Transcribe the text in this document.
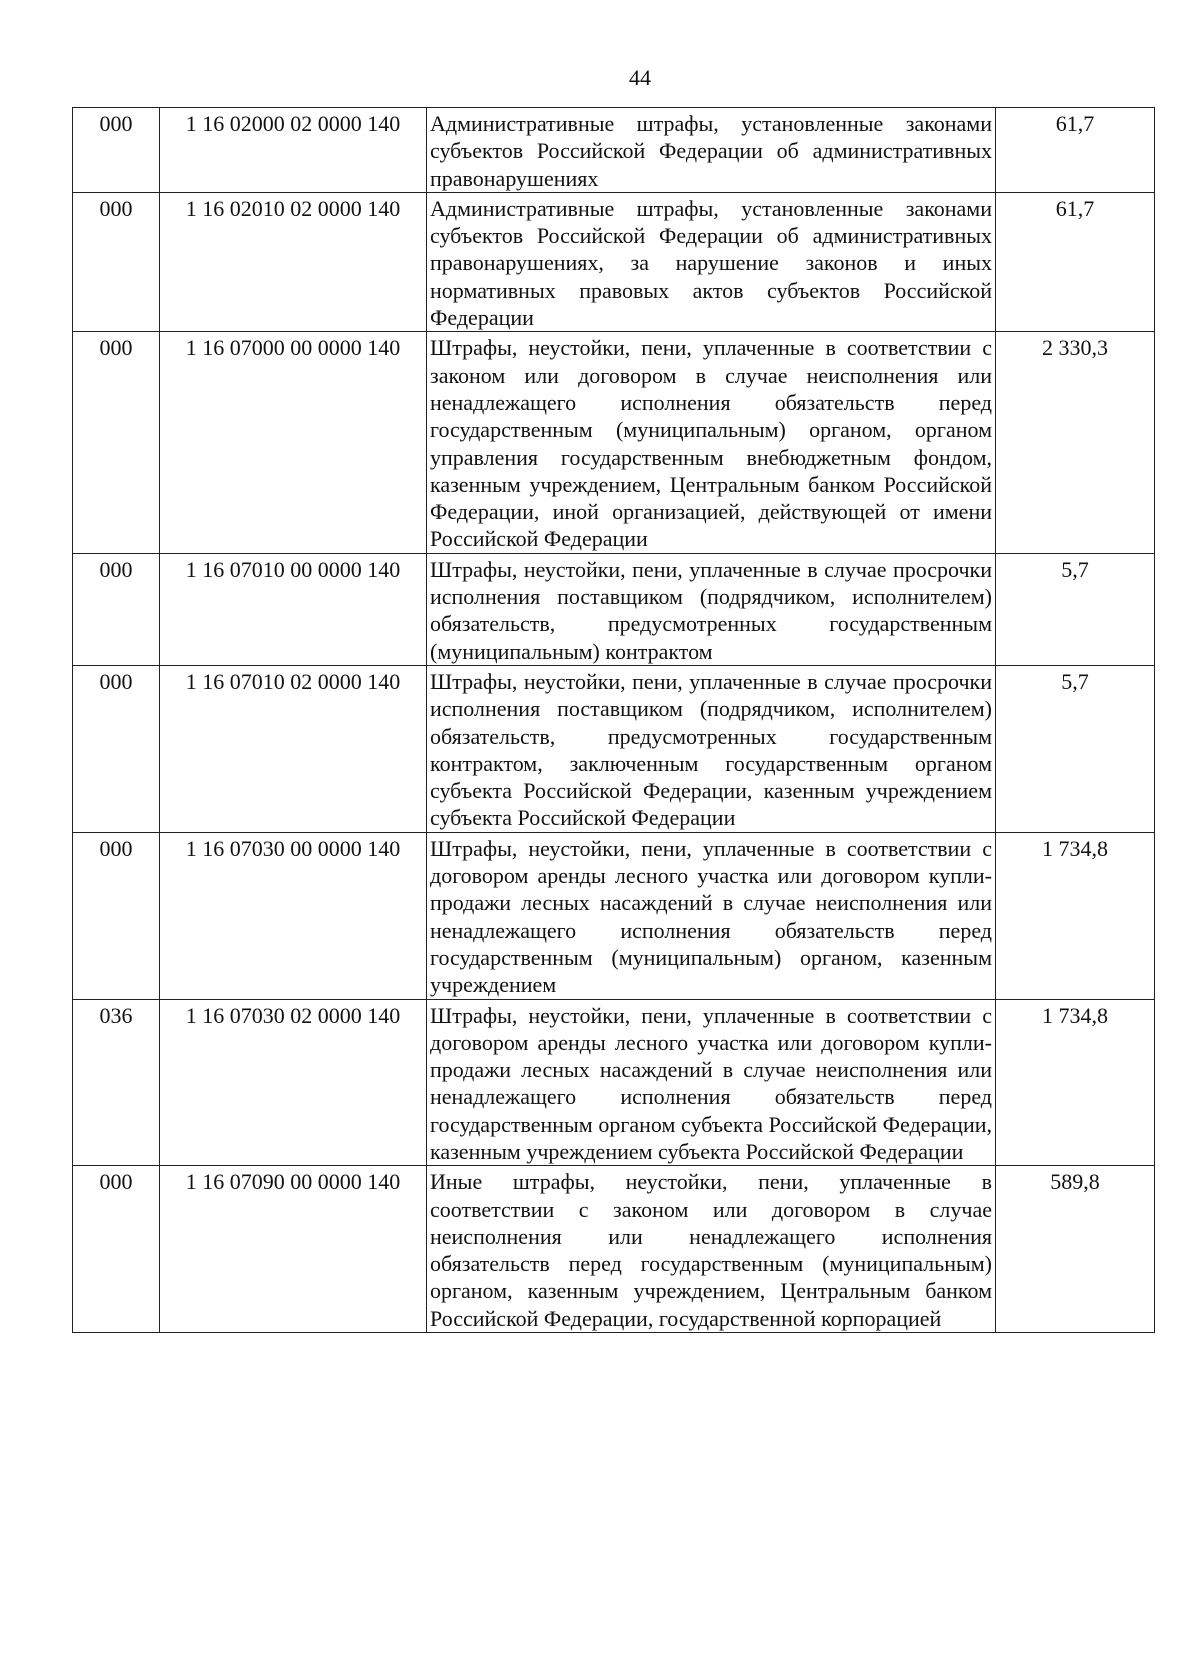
44
000	1 16 02000 02 0000 140	Административные штрафы, установленные законами субъектов Российской Федерации об административных правонарушениях	61,7
000	1 16 02010 02 0000 140	Административные штрафы, установленные законами субъектов Российской Федерации об административных правонарушениях, за нарушение законов и иных нормативных правовых актов субъектов Российской Федерации	61,7
000	1 16 07000 00 0000 140	Штрафы, неустойки, пени, уплаченные в соответствии с законом или договором в случае неисполнения или ненадлежащего исполнения обязательств перед государственным (муниципальным) органом, органом управления государственным внебюджетным фондом, казенным учреждением, Центральным банком Российской Федерации, иной организацией, действующей от имени Российской Федерации	2 330,3
000	1 16 07010 00 0000 140	Штрафы, неустойки, пени, уплаченные в случае просрочки исполнения поставщиком (подрядчиком, исполнителем) обязательств, предусмотренных государственным (муниципальным) контрактом	5,7
000	1 16 07010 02 0000 140	Штрафы, неустойки, пени, уплаченные в случае просрочки исполнения поставщиком (подрядчиком, исполнителем) обязательств, предусмотренных государственным контрактом, заключенным государственным органом субъекта Российской Федерации, казенным учреждением субъекта Российской Федерации	5,7
000	1 16 07030 00 0000 140	Штрафы, неустойки, пени, уплаченные в соответствии с договором аренды лесного участка или договором купли-продажи лесных насаждений в случае неисполнения или ненадлежащего исполнения обязательств перед государственным (муниципальным) органом, казенным учреждением	1 734,8
036	1 16 07030 02 0000 140	Штрафы, неустойки, пени, уплаченные в соответствии с договором аренды лесного участка или договором купли-продажи лесных насаждений в случае неисполнения или ненадлежащего исполнения обязательств перед государственным органом субъекта Российской Федерации, казенным учреждением субъекта Российской Федерации	1 734,8
000	1 16 07090 00 0000 140	Иные штрафы, неустойки, пени, уплаченные в соответствии с законом или договором в случае неисполнения или ненадлежащего исполнения обязательств перед государственным (муниципальным) органом, казенным учреждением, Центральным банком Российской Федерации, государственной корпорацией	589,8
